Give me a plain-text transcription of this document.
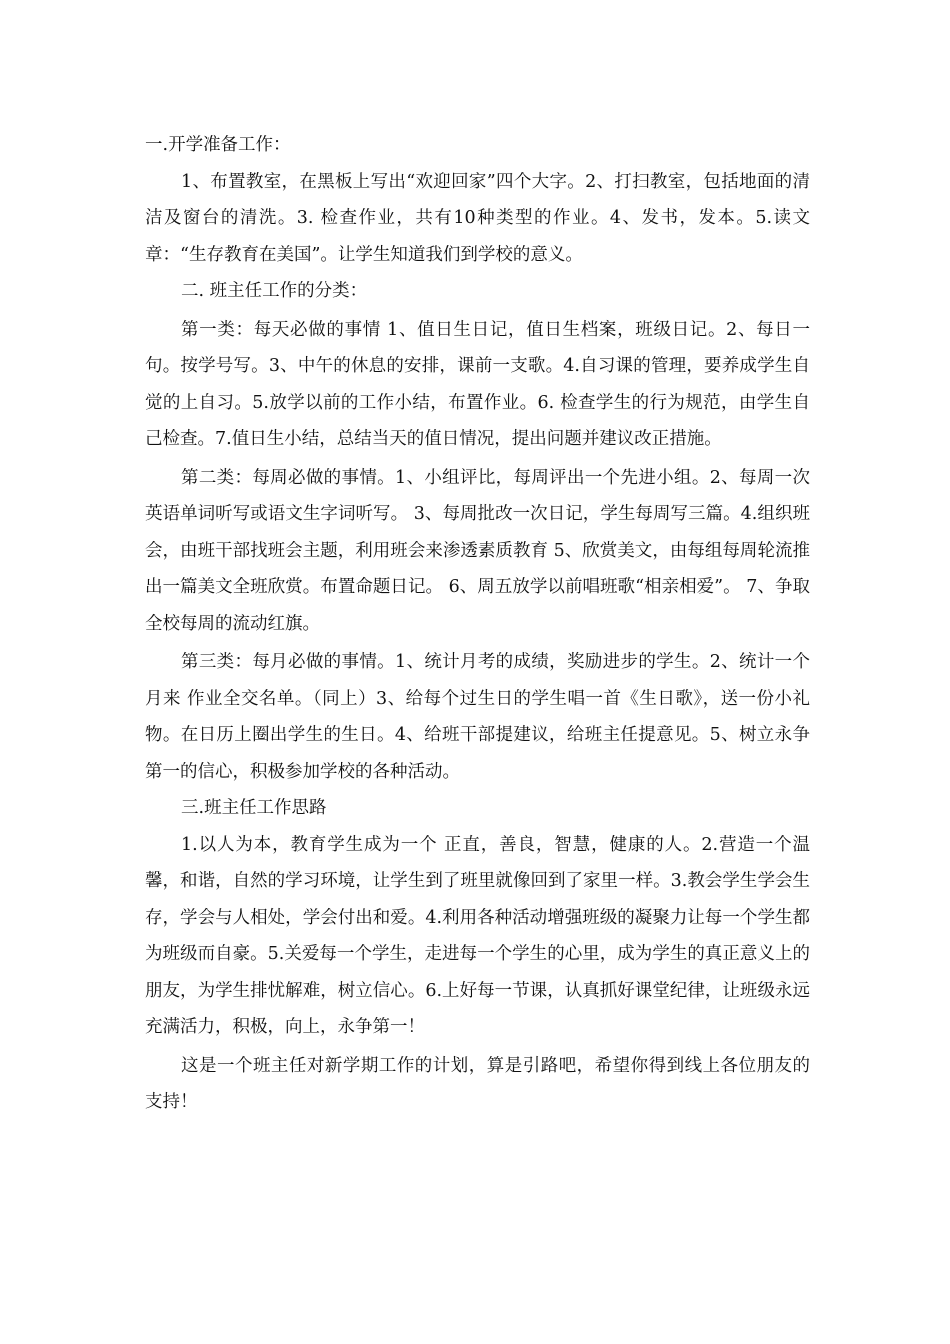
一.开学准备工作：

1、布置教室，在黑板上写出“欢迎回家”四个大字。2、打扫教室，包括地面的清洁及窗台的清洗。3. 检查作业，共有10种类型的作业。4、发书，发本。5.读文章：“生存教育在美国”。让学生知道我们到学校的意义。

二. 班主任工作的分类：

第一类：每天必做的事情 1、值日生日记，值日生档案，班级日记。2、每日一句。按学号写。3、中午的休息的安排，课前一支歌。4.自习课的管理，要养成学生自觉的上自习。5.放学以前的工作小结，布置作业。6. 检查学生的行为规范，由学生自己检查。7.值日生小结，总结当天的值日情况，提出问题并建议改正措施。

第二类：每周必做的事情。1、小组评比，每周评出一个先进小组。2、每周一次英语单词听写或语文生字词听写。 3、每周批改一次日记，学生每周写三篇。4.组织班会，由班干部找班会主题，利用班会来渗透素质教育 5、欣赏美文，由每组每周轮流推出一篇美文全班欣赏。布置命题日记。 6、周五放学以前唱班歌“相亲相爱”。 7、争取全校每周的流动红旗。

第三类：每月必做的事情。1、统计月考的成绩，奖励进步的学生。2、统计一个月来 作业全交名单。（同上）3、给每个过生日的学生唱一首《生日歌》，送一份小礼物。在日历上圈出学生的生日。4、给班干部提建议，给班主任提意见。5、树立永争第一的信心，积极参加学校的各种活动。

三.班主任工作思路

1.以人为本，教育学生成为一个 正直，善良，智慧，健康的人。2.营造一个温馨，和谐，自然的学习环境，让学生到了班里就像回到了家里一样。3.教会学生学会生存，学会与人相处，学会付出和爱。4.利用各种活动增强班级的凝聚力让每一个学生都为班级而自豪。5.关爱每一个学生，走进每一个学生的心里，成为学生的真正意义上的朋友，为学生排忧解难，树立信心。6.上好每一节课，认真抓好课堂纪律，让班级永远充满活力，积极，向上，永争第一！

这是一个班主任对新学期工作的计划，算是引路吧，希望你得到线上各位朋友的支持！
